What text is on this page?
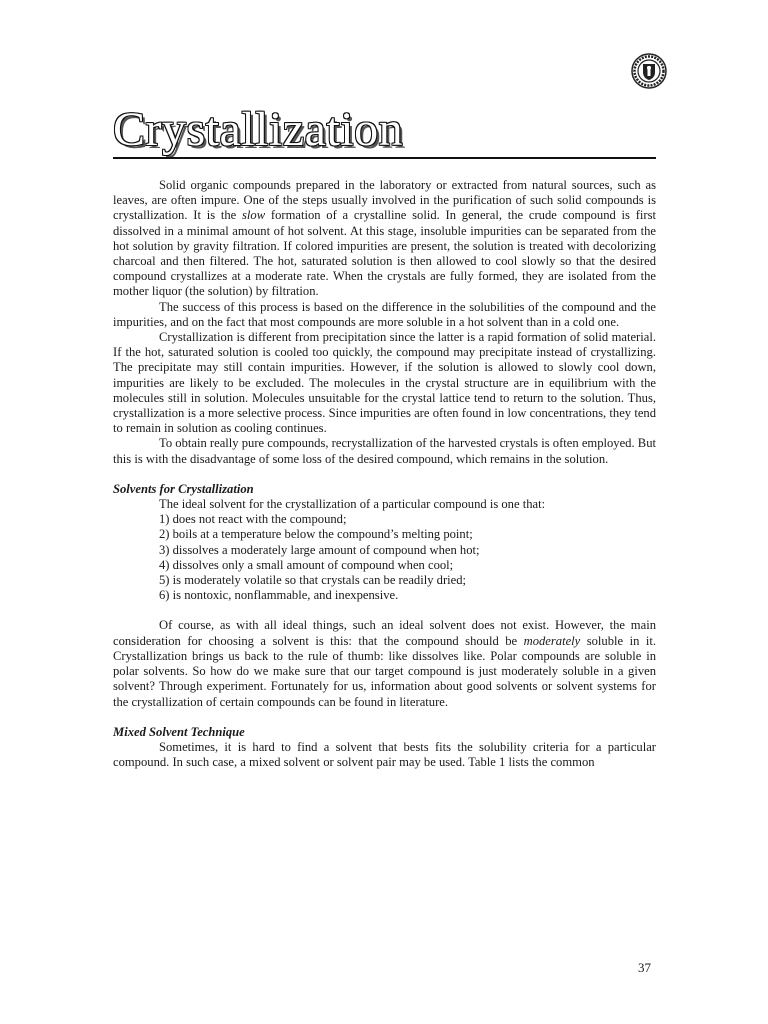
Crystallization

Solid organic compounds prepared in the laboratory or extracted from natural sources, such as leaves, are often impure. One of the steps usually involved in the purification of such solid compounds is crystallization. It is the slow formation of a crystalline solid. In general, the crude compound is first dissolved in a minimal amount of hot solvent. At this stage, insoluble impurities can be separated from the hot solution by gravity filtration. If colored impurities are present, the solution is treated with decolorizing charcoal and then filtered. The hot, saturated solution is then allowed to cool slowly so that the desired compound crystallizes at a moderate rate. When the crystals are fully formed, they are isolated from the mother liquor (the solution) by filtration.

The success of this process is based on the difference in the solubilities of the compound and the impurities, and on the fact that most compounds are more soluble in a hot solvent than in a cold one.

Crystallization is different from precipitation since the latter is a rapid formation of solid material. If the hot, saturated solution is cooled too quickly, the compound may precipitate instead of crystallizing. The precipitate may still contain impurities. However, if the solution is allowed to slowly cool down, impurities are likely to be excluded. The molecules in the crystal structure are in equilibrium with the molecules still in solution. Molecules unsuitable for the crystal lattice tend to return to the solution. Thus, crystallization is a more selective process. Since impurities are often found in low concentrations, they tend to remain in solution as cooling continues.

To obtain really pure compounds, recrystallization of the harvested crystals is often employed. But this is with the disadvantage of some loss of the desired compound, which remains in the solution.

Solvents for Crystallization

The ideal solvent for the crystallization of a particular compound is one that:

1) does not react with the compound;

2) boils at a temperature below the compound’s melting point;

3) dissolves a moderately large amount of compound when hot;

4) dissolves only a small amount of compound when cool;

5) is moderately volatile so that crystals can be readily dried;

6) is nontoxic, nonflammable, and inexpensive.

Of course, as with all ideal things, such an ideal solvent does not exist. However, the main consideration for choosing a solvent is this: that the compound should be moderately soluble in it. Crystallization brings us back to the rule of thumb: like dissolves like. Polar compounds are soluble in polar solvents. So how do we make sure that our target compound is just moderately soluble in a given solvent? Through experiment. Fortunately for us, information about good solvents or solvent systems for the crystallization of certain compounds can be found in literature.

Mixed Solvent Technique

Sometimes, it is hard to find a solvent that bests fits the solubility criteria for a particular compound. In such case, a mixed solvent or solvent pair may be used. Table 1 lists the common

37
